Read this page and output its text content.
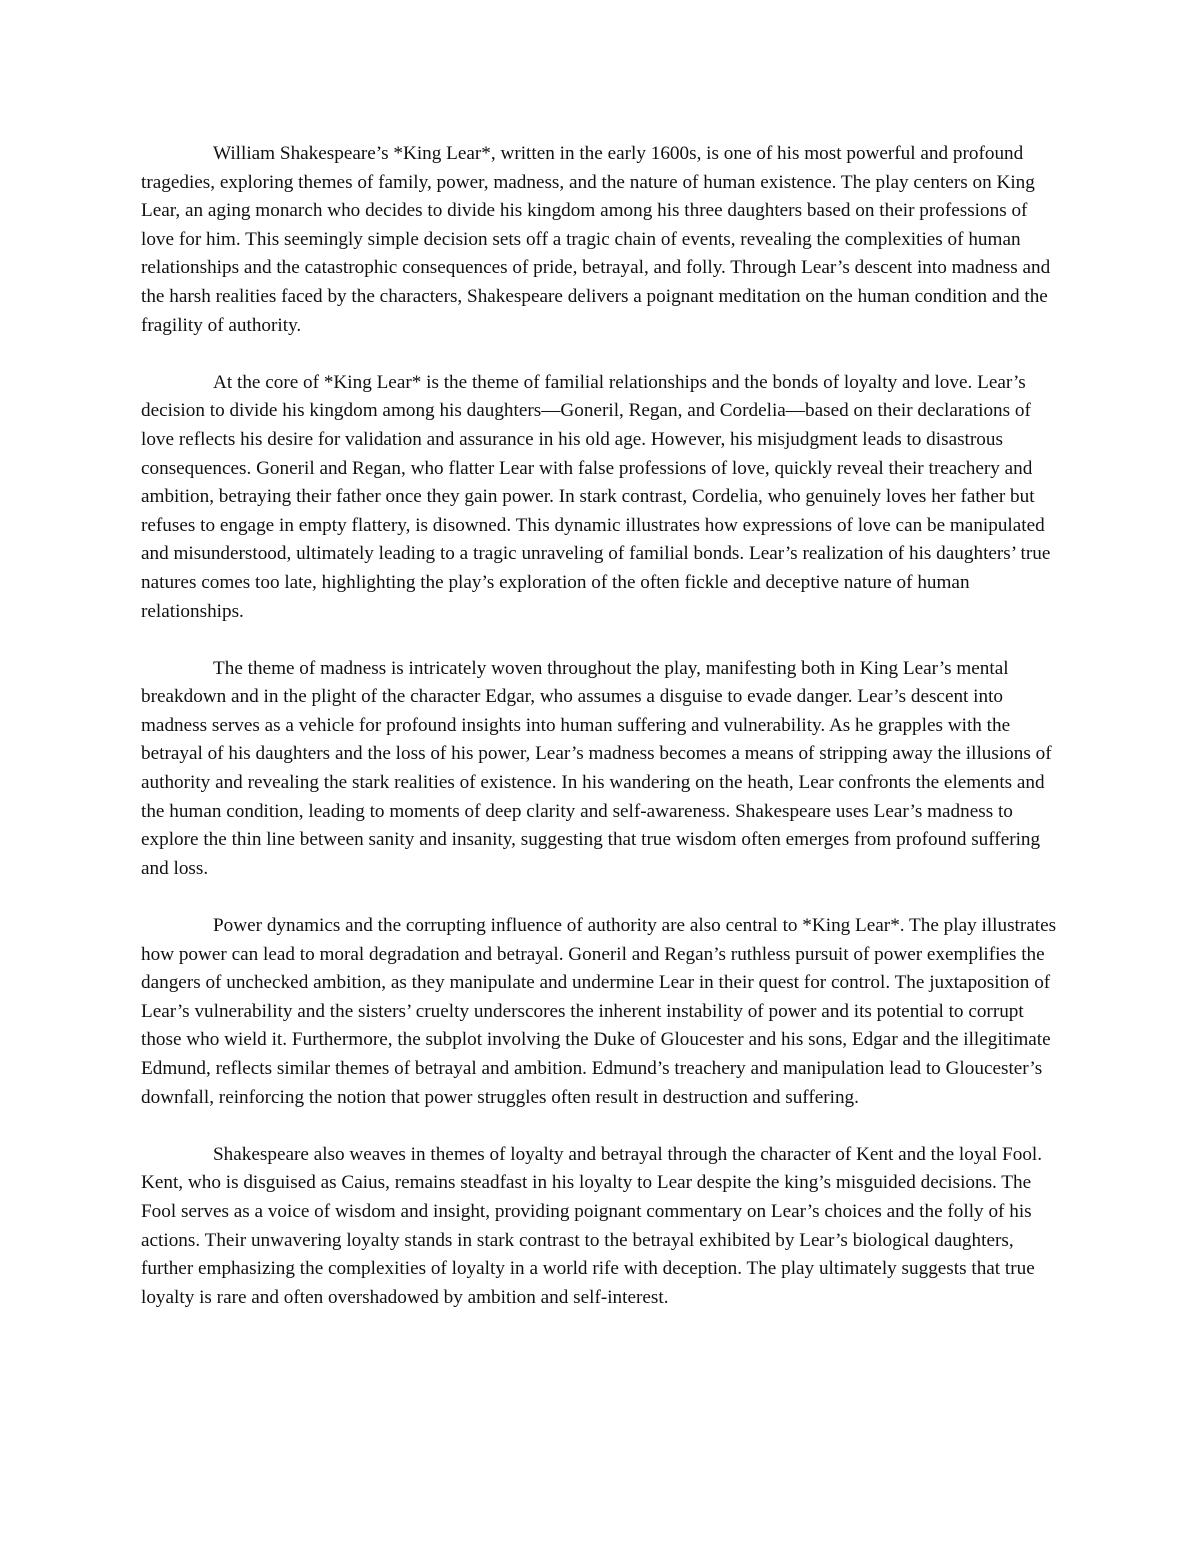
William Shakespeare’s *King Lear*, written in the early 1600s, is one of his most powerful and profound tragedies, exploring themes of family, power, madness, and the nature of human existence. The play centers on King Lear, an aging monarch who decides to divide his kingdom among his three daughters based on their professions of love for him. This seemingly simple decision sets off a tragic chain of events, revealing the complexities of human relationships and the catastrophic consequences of pride, betrayal, and folly. Through Lear’s descent into madness and the harsh realities faced by the characters, Shakespeare delivers a poignant meditation on the human condition and the fragility of authority.

At the core of *King Lear* is the theme of familial relationships and the bonds of loyalty and love. Lear’s decision to divide his kingdom among his daughters—Goneril, Regan, and Cordelia—based on their declarations of love reflects his desire for validation and assurance in his old age. However, his misjudgment leads to disastrous consequences. Goneril and Regan, who flatter Lear with false professions of love, quickly reveal their treachery and ambition, betraying their father once they gain power. In stark contrast, Cordelia, who genuinely loves her father but refuses to engage in empty flattery, is disowned. This dynamic illustrates how expressions of love can be manipulated and misunderstood, ultimately leading to a tragic unraveling of familial bonds. Lear’s realization of his daughters’ true natures comes too late, highlighting the play’s exploration of the often fickle and deceptive nature of human relationships.

The theme of madness is intricately woven throughout the play, manifesting both in King Lear’s mental breakdown and in the plight of the character Edgar, who assumes a disguise to evade danger. Lear’s descent into madness serves as a vehicle for profound insights into human suffering and vulnerability. As he grapples with the betrayal of his daughters and the loss of his power, Lear’s madness becomes a means of stripping away the illusions of authority and revealing the stark realities of existence. In his wandering on the heath, Lear confronts the elements and the human condition, leading to moments of deep clarity and self-awareness. Shakespeare uses Lear’s madness to explore the thin line between sanity and insanity, suggesting that true wisdom often emerges from profound suffering and loss.

Power dynamics and the corrupting influence of authority are also central to *King Lear*. The play illustrates how power can lead to moral degradation and betrayal. Goneril and Regan’s ruthless pursuit of power exemplifies the dangers of unchecked ambition, as they manipulate and undermine Lear in their quest for control. The juxtaposition of Lear’s vulnerability and the sisters’ cruelty underscores the inherent instability of power and its potential to corrupt those who wield it. Furthermore, the subplot involving the Duke of Gloucester and his sons, Edgar and the illegitimate Edmund, reflects similar themes of betrayal and ambition. Edmund’s treachery and manipulation lead to Gloucester’s downfall, reinforcing the notion that power struggles often result in destruction and suffering.

Shakespeare also weaves in themes of loyalty and betrayal through the character of Kent and the loyal Fool. Kent, who is disguised as Caius, remains steadfast in his loyalty to Lear despite the king’s misguided decisions. The Fool serves as a voice of wisdom and insight, providing poignant commentary on Lear’s choices and the folly of his actions. Their unwavering loyalty stands in stark contrast to the betrayal exhibited by Lear’s biological daughters, further emphasizing the complexities of loyalty in a world rife with deception. The play ultimately suggests that true loyalty is rare and often overshadowed by ambition and self-interest.
